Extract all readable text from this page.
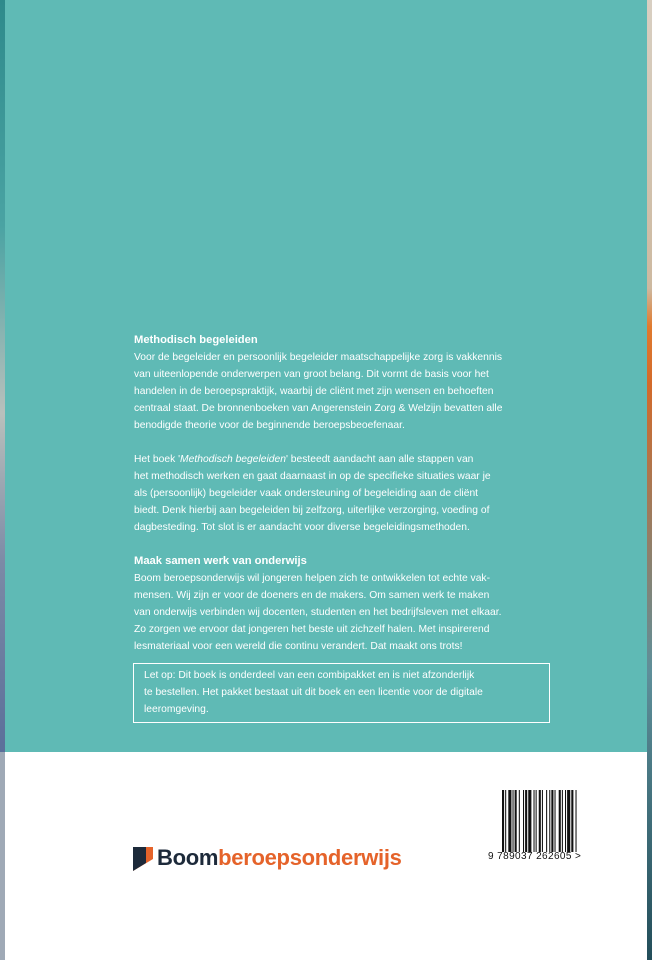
Methodisch begeleiden

Voor de begeleider en persoonlijk begeleider maatschappelijke zorg is vakkennis

van uiteenlopende onderwerpen van groot belang. Dit vormt de basis voor het

handelen in de beroepspraktijk, waarbij de cliënt met zijn wensen en behoeften

centraal staat. De bronnenboeken van Angerenstein Zorg & Welzijn bevatten alle

benodigde theorie voor de beginnende beroepsbeoefenaar.

Het boek 'Methodisch begeleiden' besteedt aandacht aan alle stappen van

het methodisch werken en gaat daarnaast in op de specifieke situaties waar je

als (persoonlijk) begeleider vaak ondersteuning of begeleiding aan de cliënt

biedt. Denk hierbij aan begeleiden bij zelfzorg, uiterlijke verzorging, voeding of

dagbesteding. Tot slot is er aandacht voor diverse begeleidingsmethoden.

Maak samen werk van onderwijs

Boom beroepsonderwijs wil jongeren helpen zich te ontwikkelen tot echte vak-

mensen. Wij zijn er voor de doeners en de makers. Om samen werk te maken

van onderwijs verbinden wij docenten, studenten en het bedrijfsleven met elkaar.

Zo zorgen we ervoor dat jongeren het beste uit zichzelf halen. Met inspirerend

lesmateriaal voor een wereld die continu verandert. Dat maakt ons trots!

Let op: Dit boek is onderdeel van een combipakket en is niet afzonderlijk
te bestellen. Het pakket bestaat uit dit boek en een licentie voor de digitale
leeromgeving.
Boomberoepsonderwijs	9 789037 262605 >
